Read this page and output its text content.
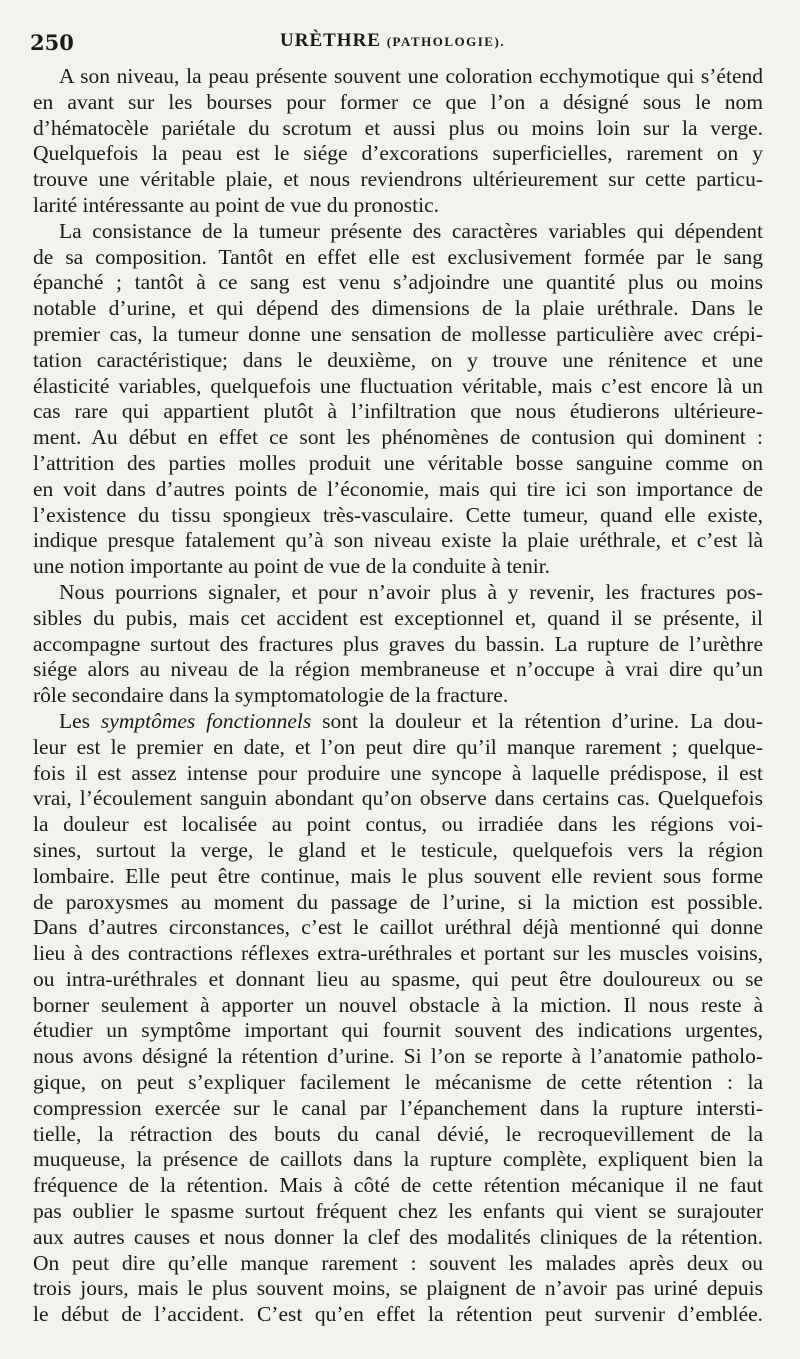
250	URÈTHRE (PATHOLOGIE).
A son niveau, la peau présente souvent une coloration ecchymotique qui s’étend
en avant sur les bourses pour former ce que l’on a désigné sous le nom
d’hématocèle pariétale du scrotum et aussi plus ou moins loin sur la verge.
Quelquefois la peau est le siége d’excorations superficielles, rarement on y
trouve une véritable plaie, et nous reviendrons ultérieurement sur cette particu-
larité intéressante au point de vue du pronostic.
La consistance de la tumeur présente des caractères variables qui dépendent
de sa composition. Tantôt en effet elle est exclusivement formée par le sang
épanché ; tantôt à ce sang est venu s’adjoindre une quantité plus ou moins
notable d’urine, et qui dépend des dimensions de la plaie uréthrale. Dans le
premier cas, la tumeur donne une sensation de mollesse particulière avec crépi-
tation caractéristique; dans le deuxième, on y trouve une rénitence et une
élasticité variables, quelquefois une fluctuation véritable, mais c’est encore là un
cas rare qui appartient plutôt à l’infiltration que nous étudierons ultérieure-
ment. Au début en effet ce sont les phénomènes de contusion qui dominent :
l’attrition des parties molles produit une véritable bosse sanguine comme on
en voit dans d’autres points de l’économie, mais qui tire ici son importance de
l’existence du tissu spongieux très-vasculaire. Cette tumeur, quand elle existe,
indique presque fatalement qu’à son niveau existe la plaie uréthrale, et c’est là
une notion importante au point de vue de la conduite à tenir.
Nous pourrions signaler, et pour n’avoir plus à y revenir, les fractures pos-
sibles du pubis, mais cet accident est exceptionnel et, quand il se présente, il
accompagne surtout des fractures plus graves du bassin. La rupture de l’urèthre
siége alors au niveau de la région membraneuse et n’occupe à vrai dire qu’un
rôle secondaire dans la symptomatologie de la fracture.
Les symptômes fonctionnels sont la douleur et la rétention d’urine. La dou-
leur est le premier en date, et l’on peut dire qu’il manque rarement ; quelque-
fois il est assez intense pour produire une syncope à laquelle prédispose, il est
vrai, l’écoulement sanguin abondant qu’on observe dans certains cas. Quelquefois
la douleur est localisée au point contus, ou irradiée dans les régions voi-
sines, surtout la verge, le gland et le testicule, quelquefois vers la région
lombaire. Elle peut être continue, mais le plus souvent elle revient sous forme
de paroxysmes au moment du passage de l’urine, si la miction est possible.
Dans d’autres circonstances, c’est le caillot uréthral déjà mentionné qui donne
lieu à des contractions réflexes extra-uréthrales et portant sur les muscles voisins,
ou intra-uréthrales et donnant lieu au spasme, qui peut être douloureux ou se
borner seulement à apporter un nouvel obstacle à la miction. Il nous reste à
étudier un symptôme important qui fournit souvent des indications urgentes,
nous avons désigné la rétention d’urine. Si l’on se reporte à l’anatomie patholo-
gique, on peut s’expliquer facilement le mécanisme de cette rétention : la
compression exercée sur le canal par l’épanchement dans la rupture intersti-
tielle, la rétraction des bouts du canal dévié, le recroquevillement de la
muqueuse, la présence de caillots dans la rupture complète, expliquent bien la
fréquence de la rétention. Mais à côté de cette rétention mécanique il ne faut
pas oublier le spasme surtout fréquent chez les enfants qui vient se surajouter
aux autres causes et nous donner la clef des modalités cliniques de la rétention.
On peut dire qu’elle manque rarement : souvent les malades après deux ou
trois jours, mais le plus souvent moins, se plaignent de n’avoir pas uriné depuis
le début de l’accident. C’est qu’en effet la rétention peut survenir d’emblée.
